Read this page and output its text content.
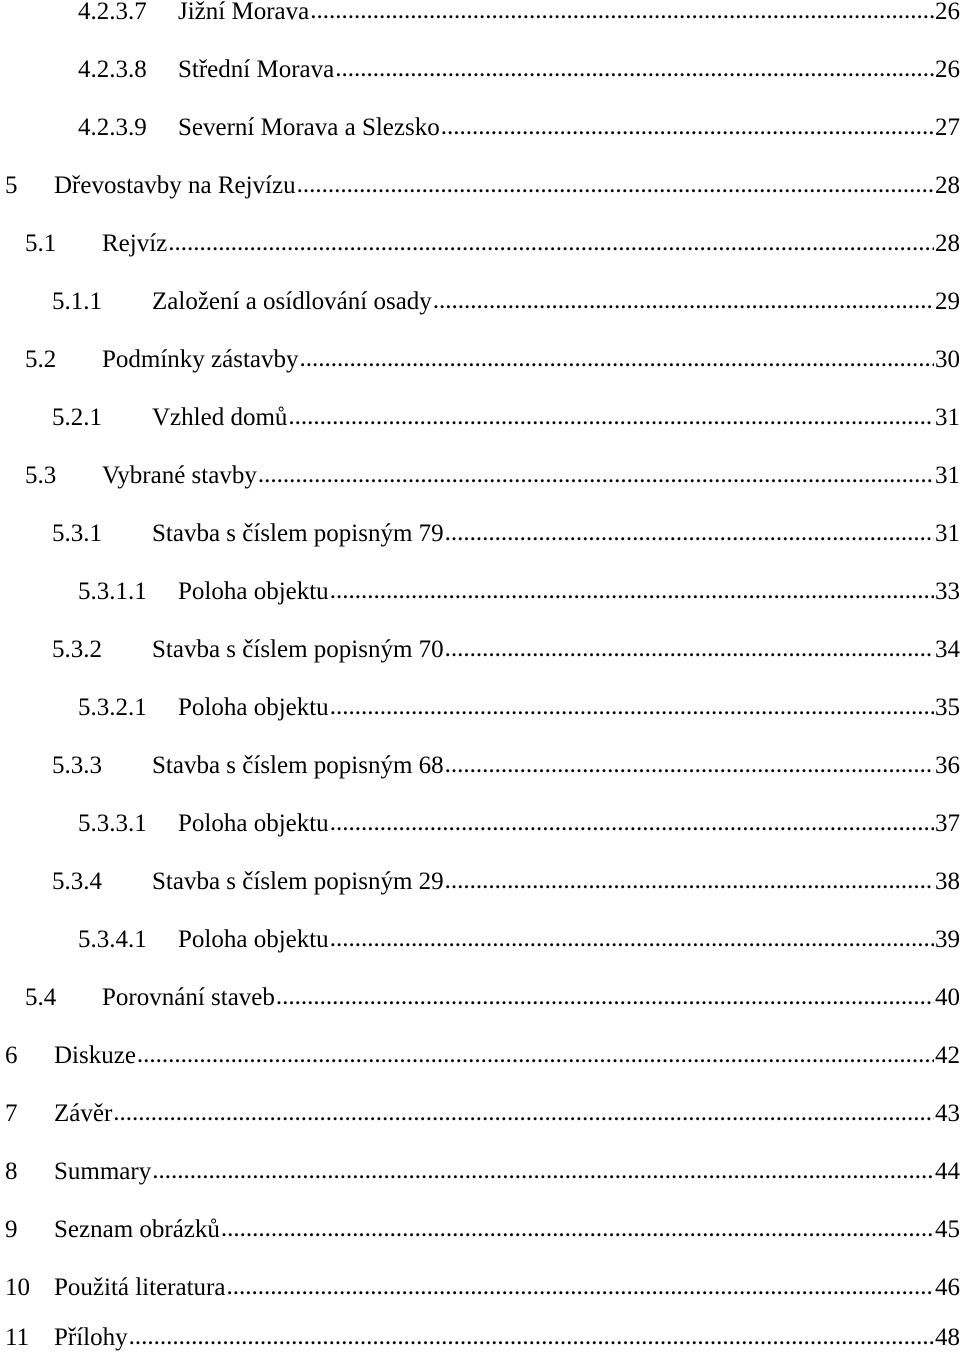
4.2.3.7	Jižní Morava .....	26
4.2.3.8	Střední Morava .....	26
4.2.3.9	Severní Morava a Slezsko .....	27
5	Dřevostavby na Rejvízu .....	28
5.1	Rejvíz .....	28
5.1.1	Založení a osídlování osady .....	29
5.2	Podmínky zástavby .....	30
5.2.1	Vzhled domů .....	31
5.3	Vybrané stavby .....	31
5.3.1	Stavba s číslem popisným 79 .....	31
5.3.1.1	Poloha objektu .....	33
5.3.2	Stavba s číslem popisným 70 .....	34
5.3.2.1	Poloha objektu .....	35
5.3.3	Stavba s číslem popisným 68 .....	36
5.3.3.1	Poloha objektu .....	37
5.3.4	Stavba s číslem popisným 29 .....	38
5.3.4.1	Poloha objektu .....	39
5.4	Porovnání staveb .....	40
6	Diskuze .....	42
7	Závěr .....	43
8	Summary .....	44
9	Seznam obrázků .....	45
10 Použitá literatura .....	46
11 Přílohy .....	48
